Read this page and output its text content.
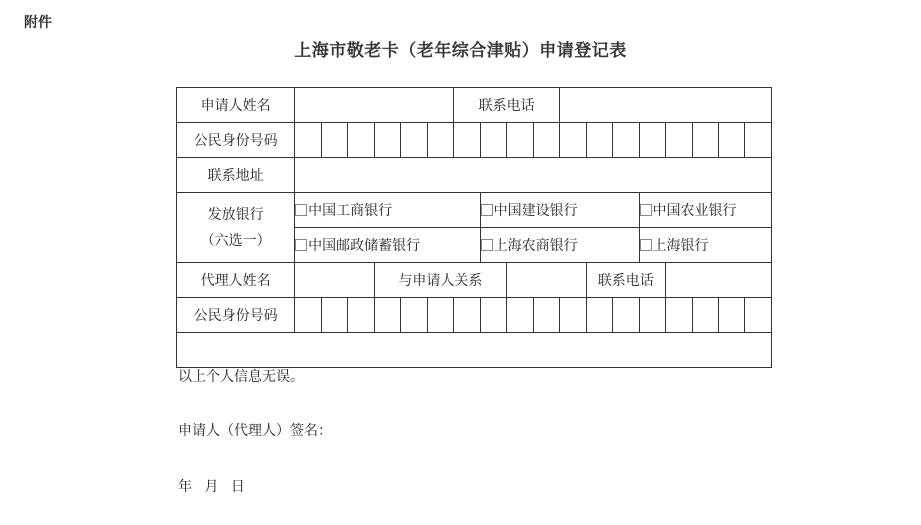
附件
上海市敬老卡（老年综合津贴）申请登记表
申请人姓名							联系电话											
公民身份号码																		
联系地址																		

发放银行
（六选一）	中国工商银行							中国建设银行						中国农业银行				
	中国邮政储蓄银行							上海农商银行						上海银行				
代理人姓名				与申请人关系								联系电话						
公民身份号码																		

以上个人信息无误。
申请人（代理人）签名：
年 月 日																		
